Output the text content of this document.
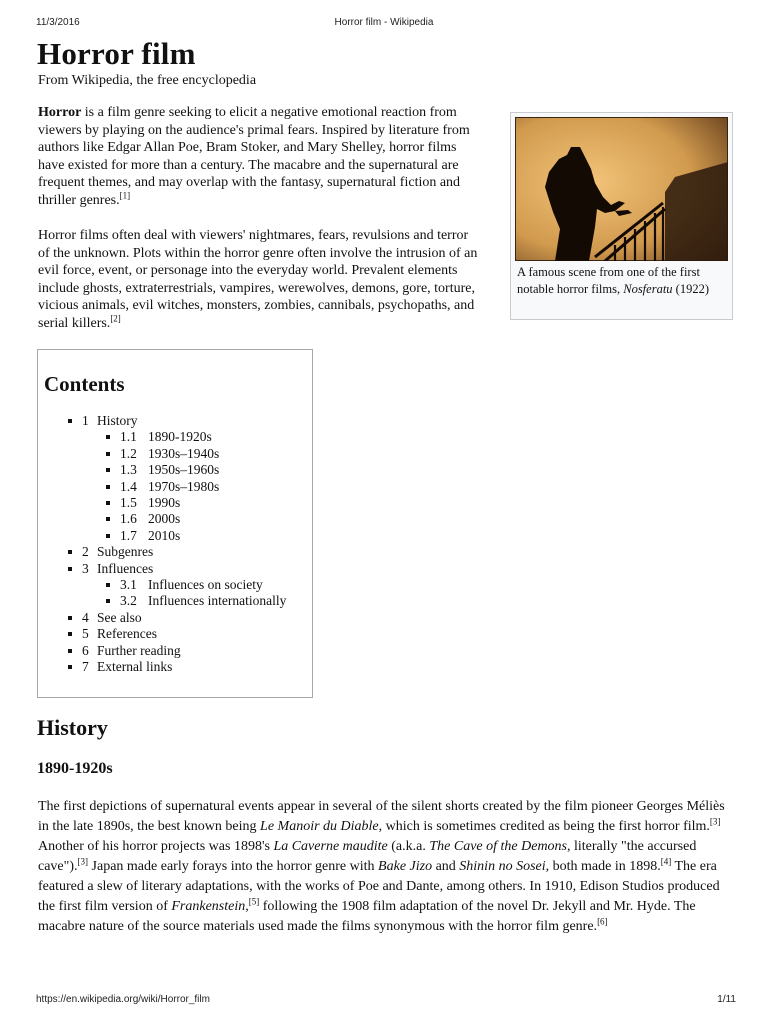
11/3/2016	Horror film - Wikipedia
Horror film
From Wikipedia, the free encyclopedia

Horror is a film genre seeking to elicit a negative emotional reaction from viewers by playing on the audience's primal fears. Inspired by literature from authors like Edgar Allan Poe, Bram Stoker, and Mary Shelley, horror films have existed for more than a century. The macabre and the supernatural are frequent themes, and may overlap with the fantasy, supernatural fiction and thriller genres.[1]

Horror films often deal with viewers' nightmares, fears, revulsions and terror of the unknown. Plots within the horror genre often involve the intrusion of an evil force, event, or personage into the everyday world. Prevalent elements include ghosts, extraterrestrials, vampires, werewolves, demons, gore, torture, vicious animals, evil witches, monsters, zombies, cannibals, psychopaths, and serial killers.[2]

A famous scene from one of the first notable horror films, Nosferatu (1922)
Contents
1 History
1.1 1890-1920s
1.2 1930s–1940s
1.3 1950s–1960s
1.4 1970s–1980s
1.5 1990s
1.6 2000s
1.7 2010s
2 Subgenres
3 Influences
3.1 Influences on society
3.2 Influences internationally
4 See also
5 References
6 Further reading
7 External links
History
1890-1920s

The first depictions of supernatural events appear in several of the silent shorts created by the film pioneer Georges Méliès in the late 1890s, the best known being Le Manoir du Diable, which is sometimes credited as being the first horror film.[3] Another of his horror projects was 1898's La Caverne maudite (a.k.a. The Cave of the Demons, literally "the accursed cave").[3] Japan made early forays into the horror genre with Bake Jizo and Shinin no Sosei, both made in 1898.[4] The era featured a slew of literary adaptations, with the works of Poe and Dante, among others. In 1910, Edison Studios produced the first film version of Frankenstein,[5] following the 1908 film adaptation of the novel Dr. Jekyll and Mr. Hyde. The macabre nature of the source materials used made the films synonymous with the horror film genre.[6]

https://en.wikipedia.org/wiki/Horror_film	1/11
